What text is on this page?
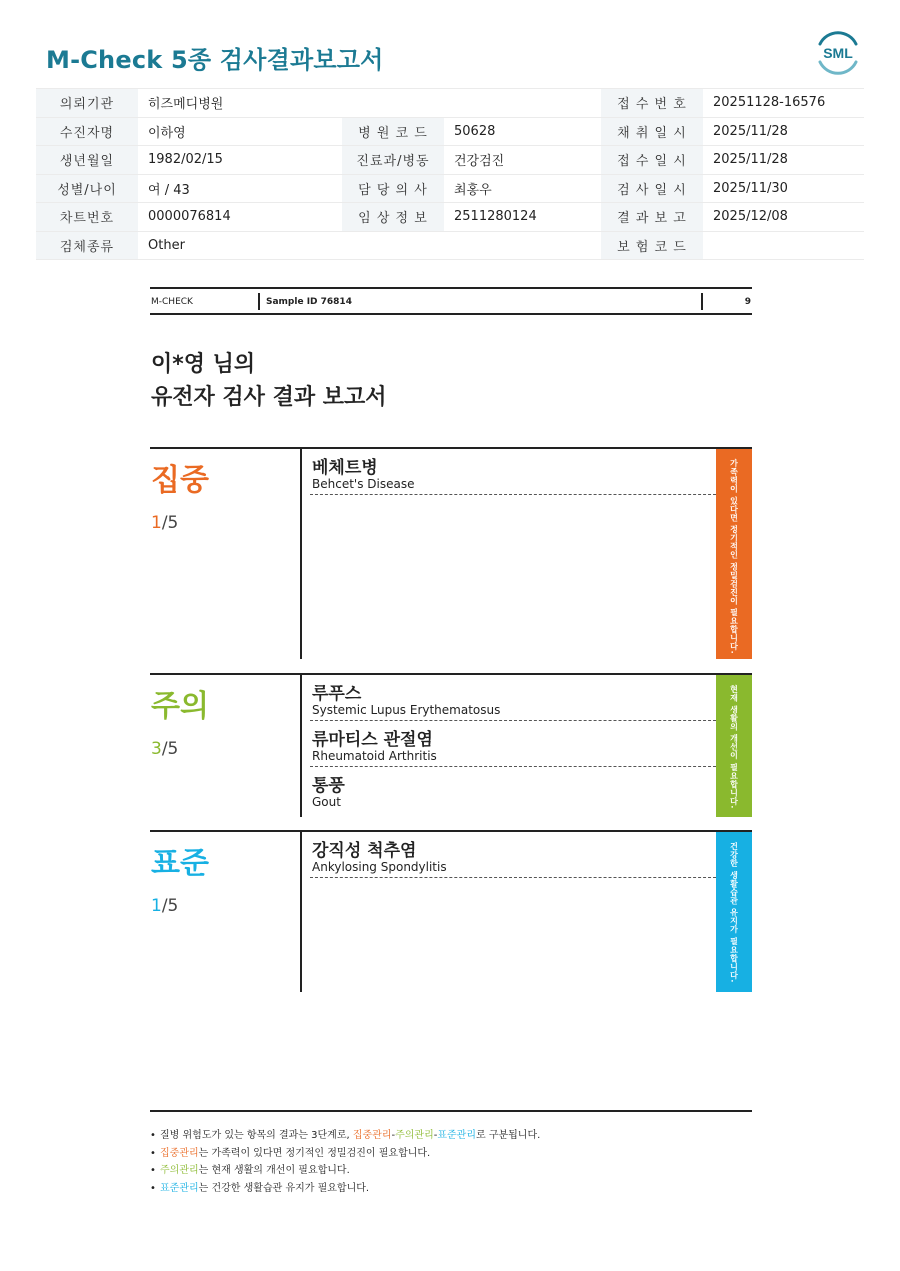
M-Check 5종 검사결과보고서	SML
의뢰기관	히즈메디병원			접 수 번 호	20251128-16576
수진자명	이하영	병 원 코 드	50628	채 취 일 시	2025/11/28
생년월일	1982/02/15	진료과/병동	건강검진	접 수 일 시	2025/11/28
성별/나이	여 / 43	담 당 의 사	최홍우	검 사 일 시	2025/11/30
차트번호	0000076814	임 상 정 보	2511280124	결 과 보 고	2025/12/08
검체종류	Other			보 험 코 드	
M-CHECK	Sample ID 76814	9
이*영 님의
유전자 검사 결과 보고서
집중
1/5
베체트병
Behcet's Disease	가족력이 있다면 정기적인 정밀검진이 필요합니다.
주의
3/5
루푸스
Systemic Lupus Erythematosus
류마티스 관절염
Rheumatoid Arthritis
통풍
Gout	현재 생활의 개선이 필요합니다.
표준
1/5
강직성 척추염
Ankylosing Spondylitis	건강한 생활습관 유지가 필요합니다.
• 질병 위험도가 있는 항목의 결과는 3단계로, 집중관리-주의관리-표준관리로 구분됩니다.
• 집중관리는 가족력이 있다면 정기적인 정밀검진이 필요합니다.
• 주의관리는 현재 생활의 개선이 필요합니다.
• 표준관리는 건강한 생활습관 유지가 필요합니다.
